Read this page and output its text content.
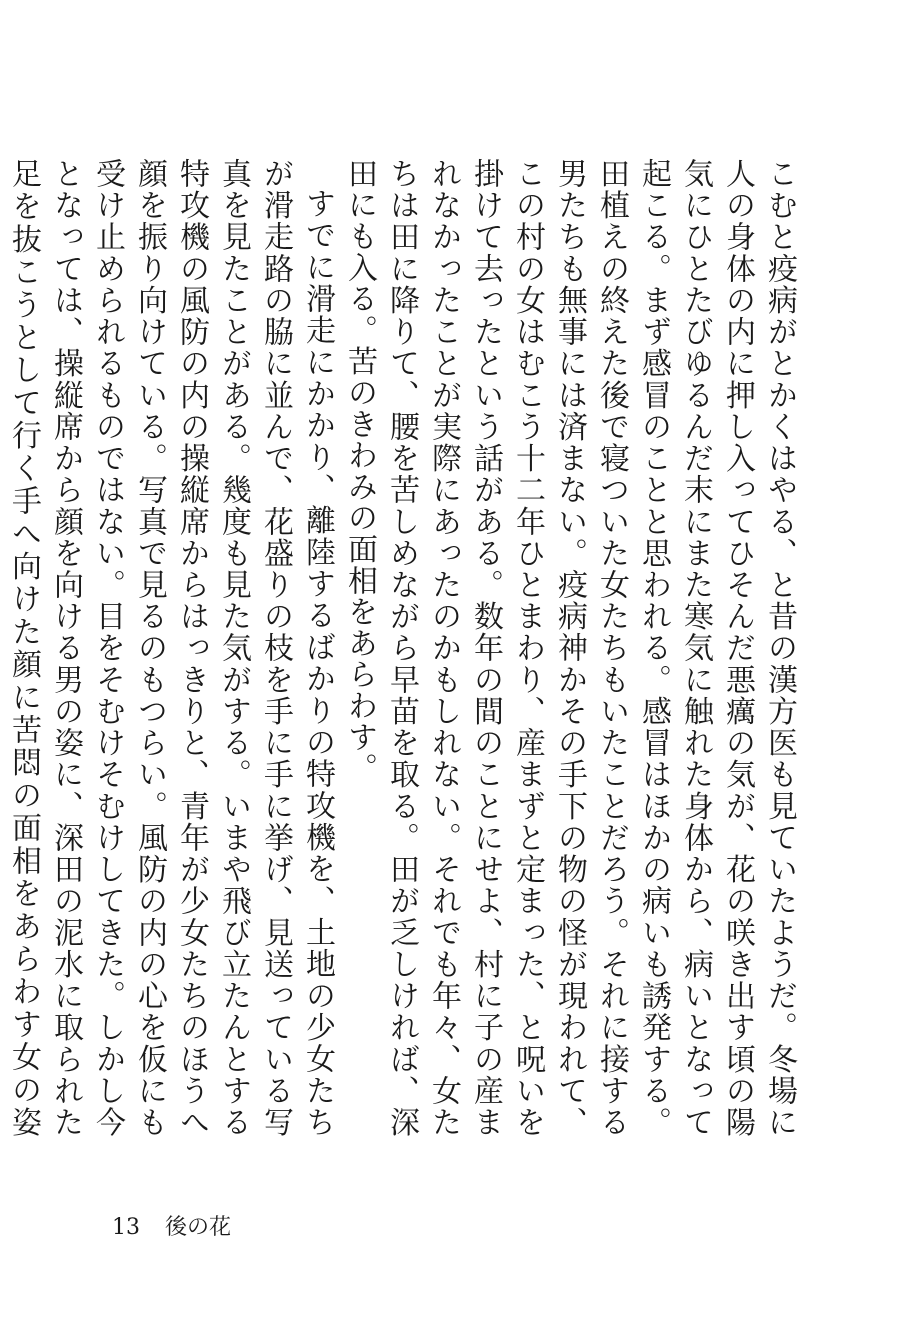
こむと疫病がとかくはやる、と昔の漢方医も見ていたようだ。冬場に人の身体の内に押し入ってひそんだ悪癘の気が、花の咲き出す頃の陽気にひとたびゆるんだ末にまた寒気に触れた身体から、病いとなって起こる。まず感冒のことと思われる。感冒はほかの病いも誘発する。田植えの終えた後で寝ついた女たちもいたことだろう。それに接する男たちも無事には済まない。疫病神かその手下の物の怪が現われて、この村の女はむこう十二年ひとまわり、産まずと定まった、と呪いを掛けて去ったという話がある。数年の間のことにせよ、村に子の産まれなかったことが実際にあったのかもしれない。それでも年々、女たちは田に降りて、腰を苦しめながら早苗を取る。田が乏しければ、深田にも入る。苦のきわみの面相をあらわす。

すでに滑走にかかり、離陸するばかりの特攻機を、土地の少女たちが滑走路の脇に並んで、花盛りの枝を手に手に挙げ、見送っている写真を見たことがある。幾度も見た気がする。いまや飛び立たんとする特攻機の風防の内の操縦席からはっきりと、青年が少女たちのほうへ顔を振り向けている。写真で見るのもつらい。風防の内の心を仮にも受け止められるものではない。目をそむけそむけしてきた。しかし今となっては、操縦席から顔を向ける男の姿に、深田の泥水に取られた足を抜こうとして行く手へ向けた顔に苦悶の面相をあらわす女の姿

13 後の花
